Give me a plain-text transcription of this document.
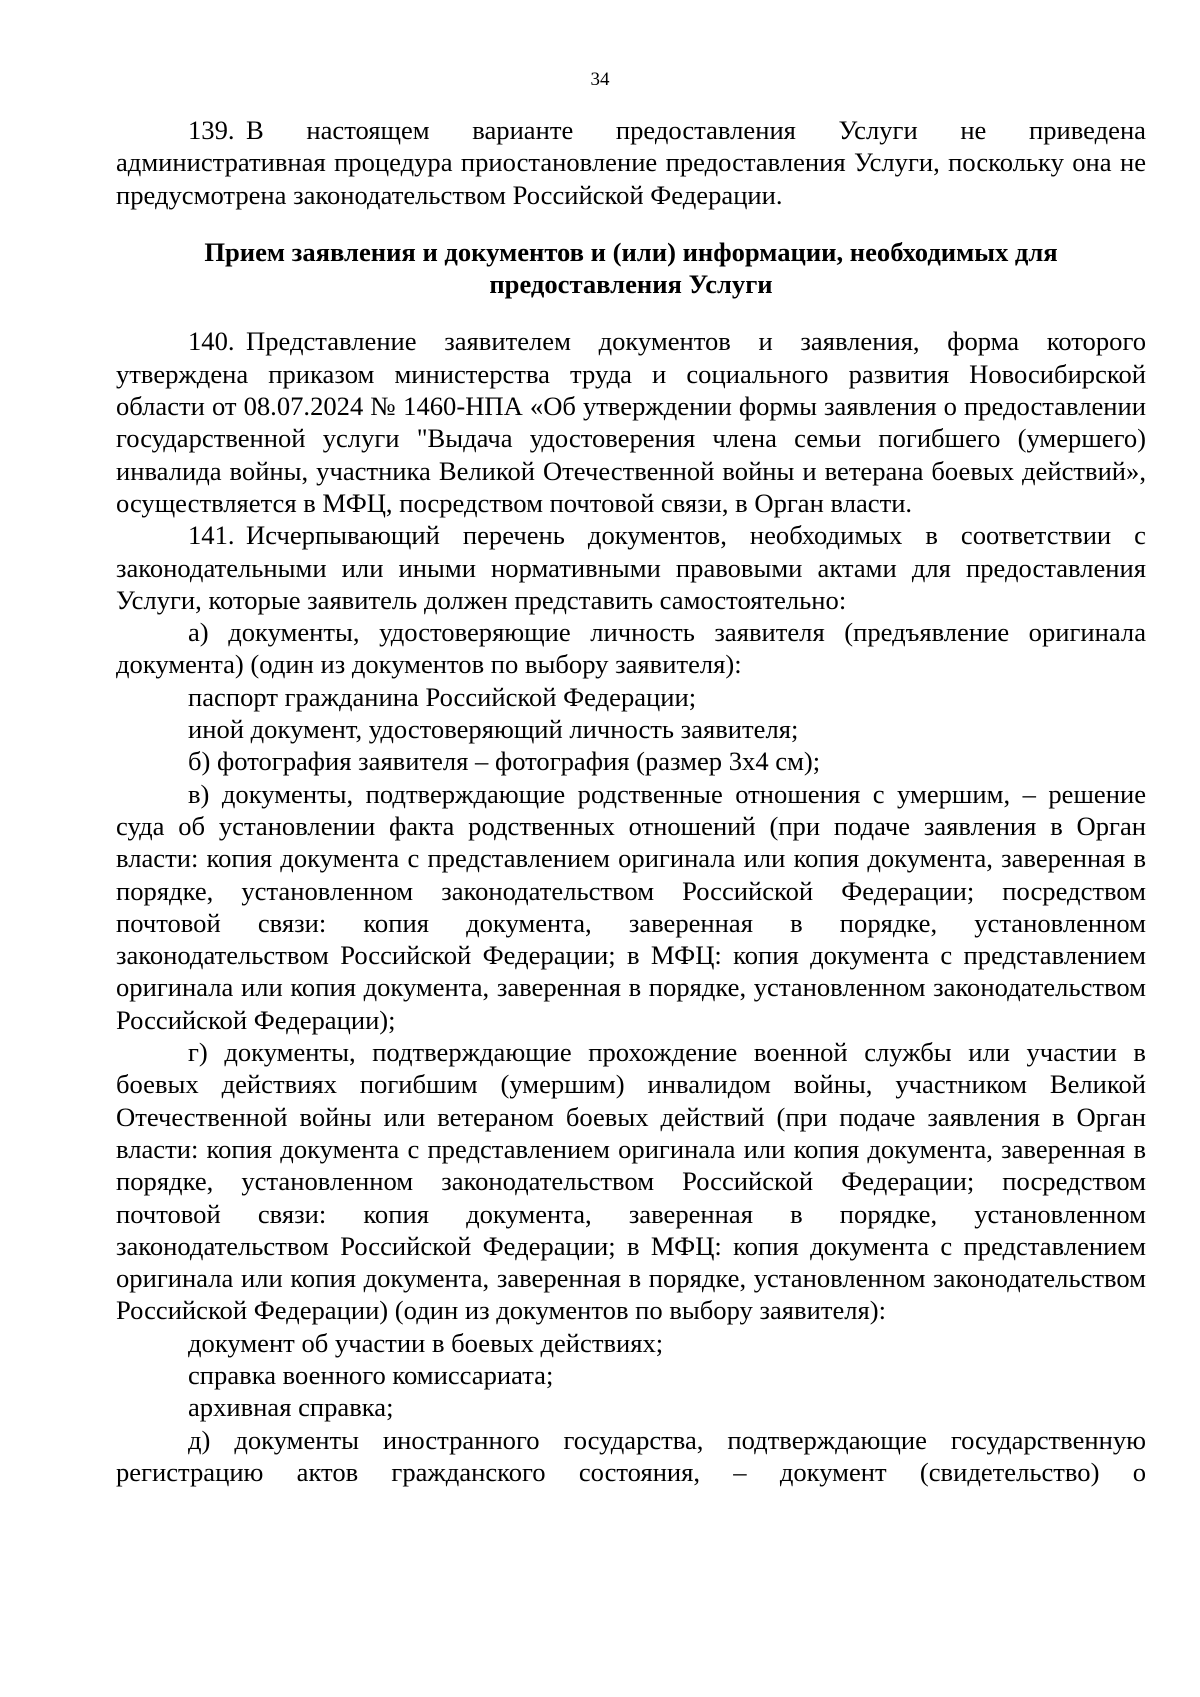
34

139. В настоящем варианте предоставления Услуги не приведена административная процедура приостановление предоставления Услуги, поскольку она не предусмотрена законодательством Российской Федерации.

Прием заявления и документов и (или) информации, необходимых для предоставления Услуги

140. Представление заявителем документов и заявления, форма которого утверждена приказом министерства труда и социального развития Новосибирской области от 08.07.2024 № 1460-НПА «Об утверждении формы заявления о предоставлении государственной услуги "Выдача удостоверения члена семьи погибшего (умершего) инвалида войны, участника Великой Отечественной войны и ветерана боевых действий», осуществляется в МФЦ, посредством почтовой связи, в Орган власти.

141. Исчерпывающий перечень документов, необходимых в соответствии с законодательными или иными нормативными правовыми актами для предоставления Услуги, которые заявитель должен представить самостоятельно:

а) документы, удостоверяющие личность заявителя (предъявление оригинала документа) (один из документов по выбору заявителя):

паспорт гражданина Российской Федерации;

иной документ, удостоверяющий личность заявителя;

б) фотография заявителя – фотография (размер 3х4 см);

в) документы, подтверждающие родственные отношения с умершим, – решение суда об установлении факта родственных отношений (при подаче заявления в Орган власти: копия документа с представлением оригинала или копия документа, заверенная в порядке, установленном законодательством Российской Федерации; посредством почтовой связи: копия документа, заверенная в порядке, установленном законодательством Российской Федерации; в МФЦ: копия документа с представлением оригинала или копия документа, заверенная в порядке, установленном законодательством Российской Федерации);

г) документы, подтверждающие прохождение военной службы или участии в боевых действиях погибшим (умершим) инвалидом войны, участником Великой Отечественной войны или ветераном боевых действий (при подаче заявления в Орган власти: копия документа с представлением оригинала или копия документа, заверенная в порядке, установленном законодательством Российской Федерации; посредством почтовой связи: копия документа, заверенная в порядке, установленном законодательством Российской Федерации; в МФЦ: копия документа с представлением оригинала или копия документа, заверенная в порядке, установленном законодательством Российской Федерации) (один из документов по выбору заявителя):

документ об участии в боевых действиях;

справка военного комиссариата;

архивная справка;

д) документы иностранного государства, подтверждающие государственную регистрацию актов гражданского состояния, – документ (свидетельство) о
